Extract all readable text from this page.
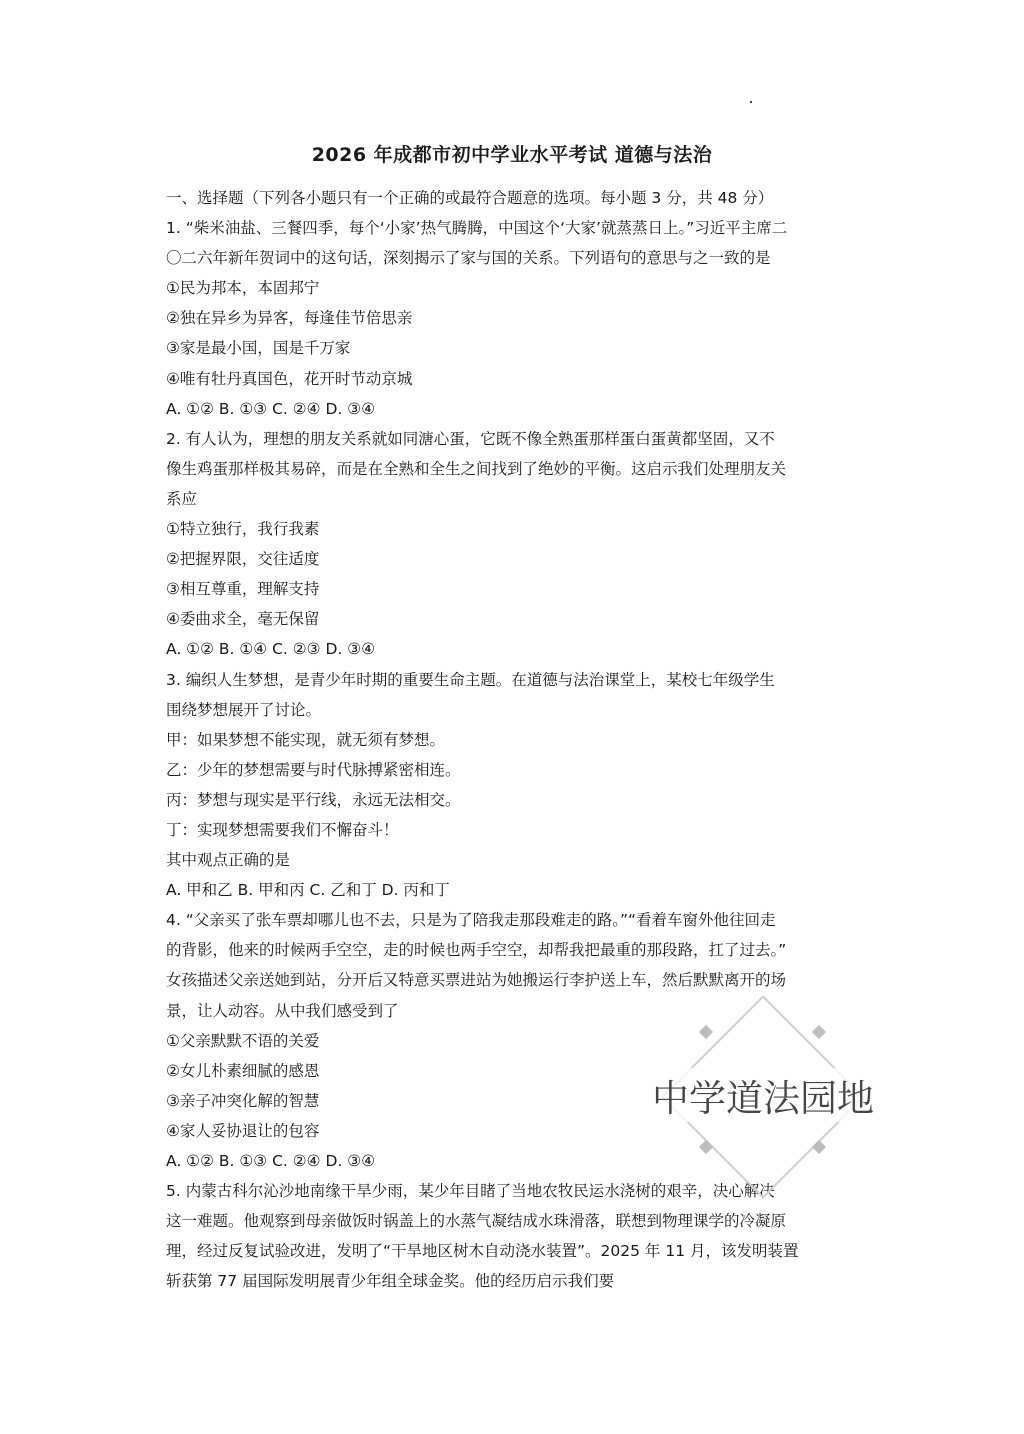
2026 年成都市初中学业水平考试 道德与法治
一、选择题（下列各小题只有一个正确的或最符合题意的选项。每小题 3 分，共 48 分）
1. “柴米油盐、三餐四季，每个‘小家’热气腾腾，中国这个‘大家’就蒸蒸日上。”习近平主席二
〇二六年新年贺词中的这句话，深刻揭示了家与国的关系。下列语句的意思与之一致的是
①民为邦本，本固邦宁
②独在异乡为异客，每逢佳节倍思亲
③家是最小国，国是千万家
④唯有牡丹真国色，花开时节动京城
A. ①② B. ①③ C. ②④ D. ③④
2. 有人认为，理想的朋友关系就如同溏心蛋，它既不像全熟蛋那样蛋白蛋黄都坚固，又不
像生鸡蛋那样极其易碎，而是在全熟和全生之间找到了绝妙的平衡。这启示我们处理朋友关
系应
①特立独行，我行我素
②把握界限，交往适度
③相互尊重，理解支持
④委曲求全，毫无保留
A. ①② B. ①④ C. ②③ D. ③④
3. 编织人生梦想，是青少年时期的重要生命主题。在道德与法治课堂上，某校七年级学生
围绕梦想展开了讨论。
甲：如果梦想不能实现，就无须有梦想。
乙：少年的梦想需要与时代脉搏紧密相连。
丙：梦想与现实是平行线，永远无法相交。
丁：实现梦想需要我们不懈奋斗！
其中观点正确的是
A. 甲和乙 B. 甲和丙 C. 乙和丁 D. 丙和丁
4. “父亲买了张车票却哪儿也不去，只是为了陪我走那段难走的路。”“看着车窗外他往回走
的背影，他来的时候两手空空，走的时候也两手空空，却帮我把最重的那段路，扛了过去。”
女孩描述父亲送她到站，分开后又特意买票进站为她搬运行李护送上车，然后默默离开的场
景，让人动容。从中我们感受到了
①父亲默默不语的关爱
②女儿朴素细腻的感恩
③亲子冲突化解的智慧
④家人妥协退让的包容
A. ①② B. ①③ C. ②④ D. ③④
5. 内蒙古科尔沁沙地南缘干旱少雨，某少年目睹了当地农牧民运水浇树的艰辛，决心解决
这一难题。他观察到母亲做饭时锅盖上的水蒸气凝结成水珠滑落，联想到物理课学的冷凝原
理，经过反复试验改进，发明了“干旱地区树木自动浇水装置”。2025 年 11 月，该发明装置
斩获第 77 届国际发明展青少年组全球金奖。他的经历启示我们要
中学道法园地
